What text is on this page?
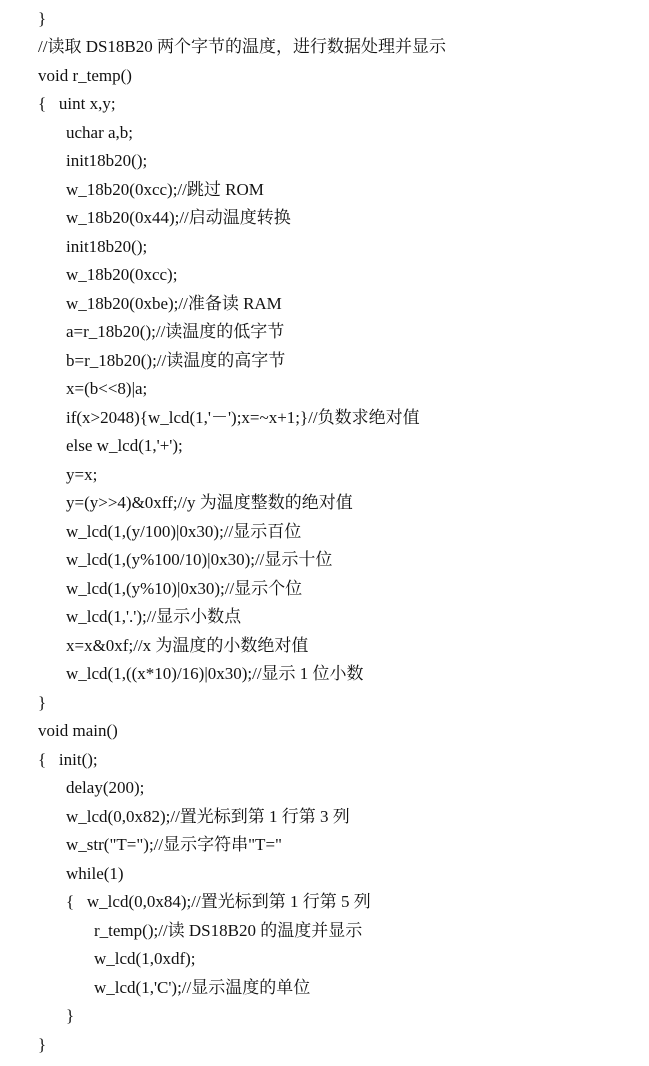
}
//读取 DS18B20 两个字节的温度，进行数据处理并显示
void r_temp()
{   uint x,y;
uchar a,b;
init18b20();
w_18b20(0xcc);//跳过 ROM
w_18b20(0x44);//启动温度转换
init18b20();
w_18b20(0xcc);
w_18b20(0xbe);//准备读 RAM
a=r_18b20();//读温度的低字节
b=r_18b20();//读温度的高字节
x=(b<<8)|a;
if(x>2048){w_lcd(1,'－');x=~x+1;}//负数求绝对值
else w_lcd(1,'+');
y=x;
y=(y>>4)&0xff;//y 为温度整数的绝对值
w_lcd(1,(y/100)|0x30);//显示百位
w_lcd(1,(y%100/10)|0x30);//显示十位
w_lcd(1,(y%10)|0x30);//显示个位
w_lcd(1,'.');//显示小数点
x=x&0xf;//x 为温度的小数绝对值
w_lcd(1,((x*10)/16)|0x30);//显示 1 位小数
}
void main()
{   init();
delay(200);
w_lcd(0,0x82);//置光标到第 1 行第 3 列
w_str("T=");//显示字符串"T="
while(1)
{   w_lcd(0,0x84);//置光标到第 1 行第 5 列
r_temp();//读 DS18B20 的温度并显示
w_lcd(1,0xdf);
w_lcd(1,'C');//显示温度的单位
}
}
